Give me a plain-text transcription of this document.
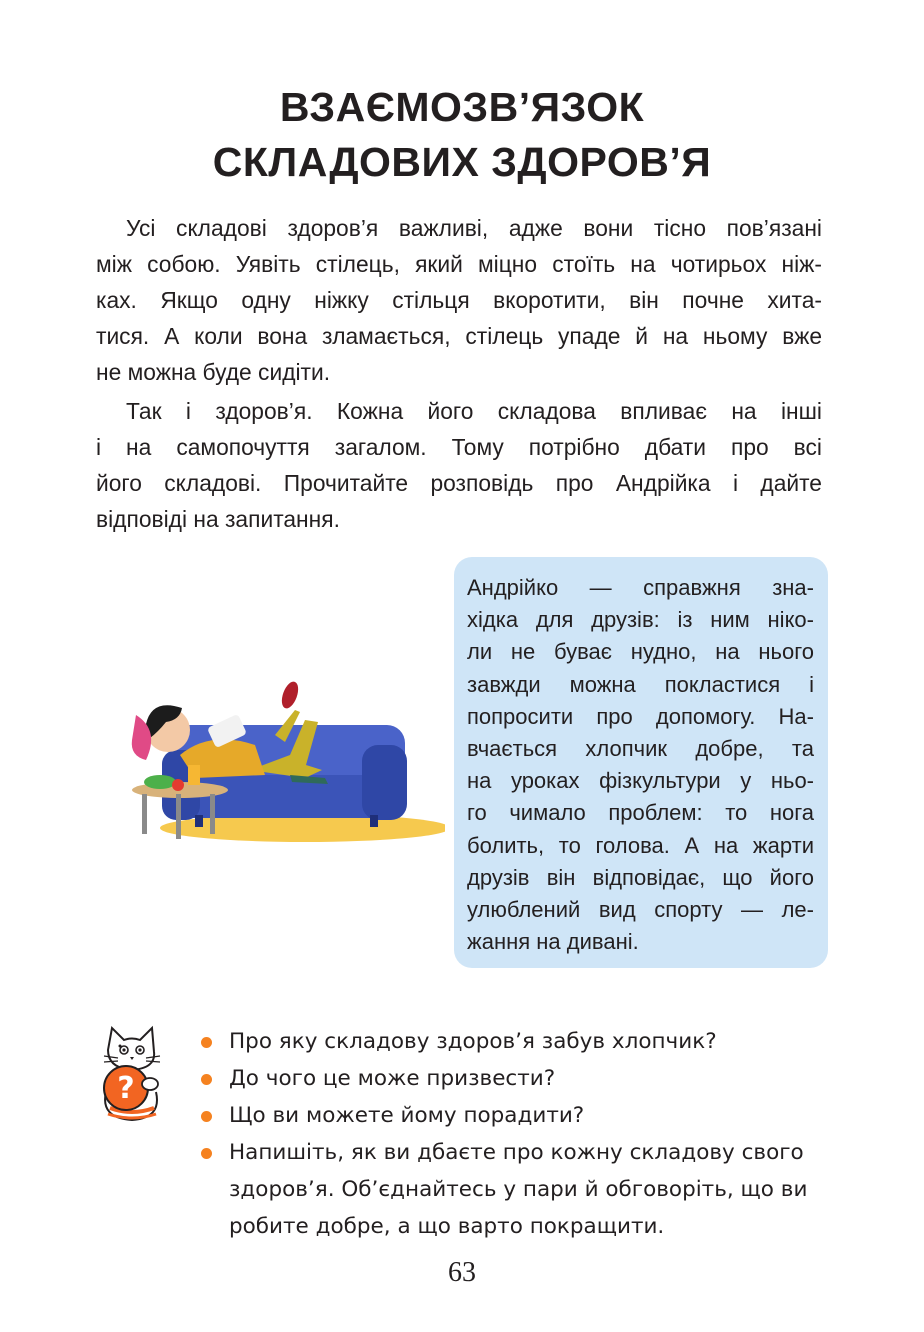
ВЗАЄМОЗВ’ЯЗОК
СКЛАДОВИХ ЗДОРОВ’Я
Усі складові здоров’я важливі, адже вони тісно пов’язані
між собою. Уявіть стілець, який міцно стоїть на чотирьох ніж-
ках. Якщо одну ніжку стільця вкоротити, він почне хита-
тися. А коли вона зламається, стілець упаде й на ньому вже
не можна буде сидіти.
Так і здоров’я. Кожна його складова впливає на інші
і на самопочуття загалом. Тому потрібно дбати про всі
його складові. Прочитайте розповідь про Андрійка і дайте
відповіді на запитання.
Андрійко — справжня зна-
хідка для друзів: із ним ніко-
ли не буває нудно, на нього
завжди можна покластися і
попросити про допомогу. На-
вчається хлопчик добре, та
на уроках фізкультури у ньо-
го чимало проблем: то нога
болить, то голова. А на жарти
друзів він відповідає, що його
улюблений вид спорту — ле-
жання на дивані.
?
Про яку складову здоров’я забув хлопчик?
До чого це може призвести?
Що ви можете йому порадити?
Напишіть, як ви дбаєте про кожну складову свого
здоров’я. Об’єднайтесь у пари й обговоріть, що ви
робите добре, а що варто покращити.
63
